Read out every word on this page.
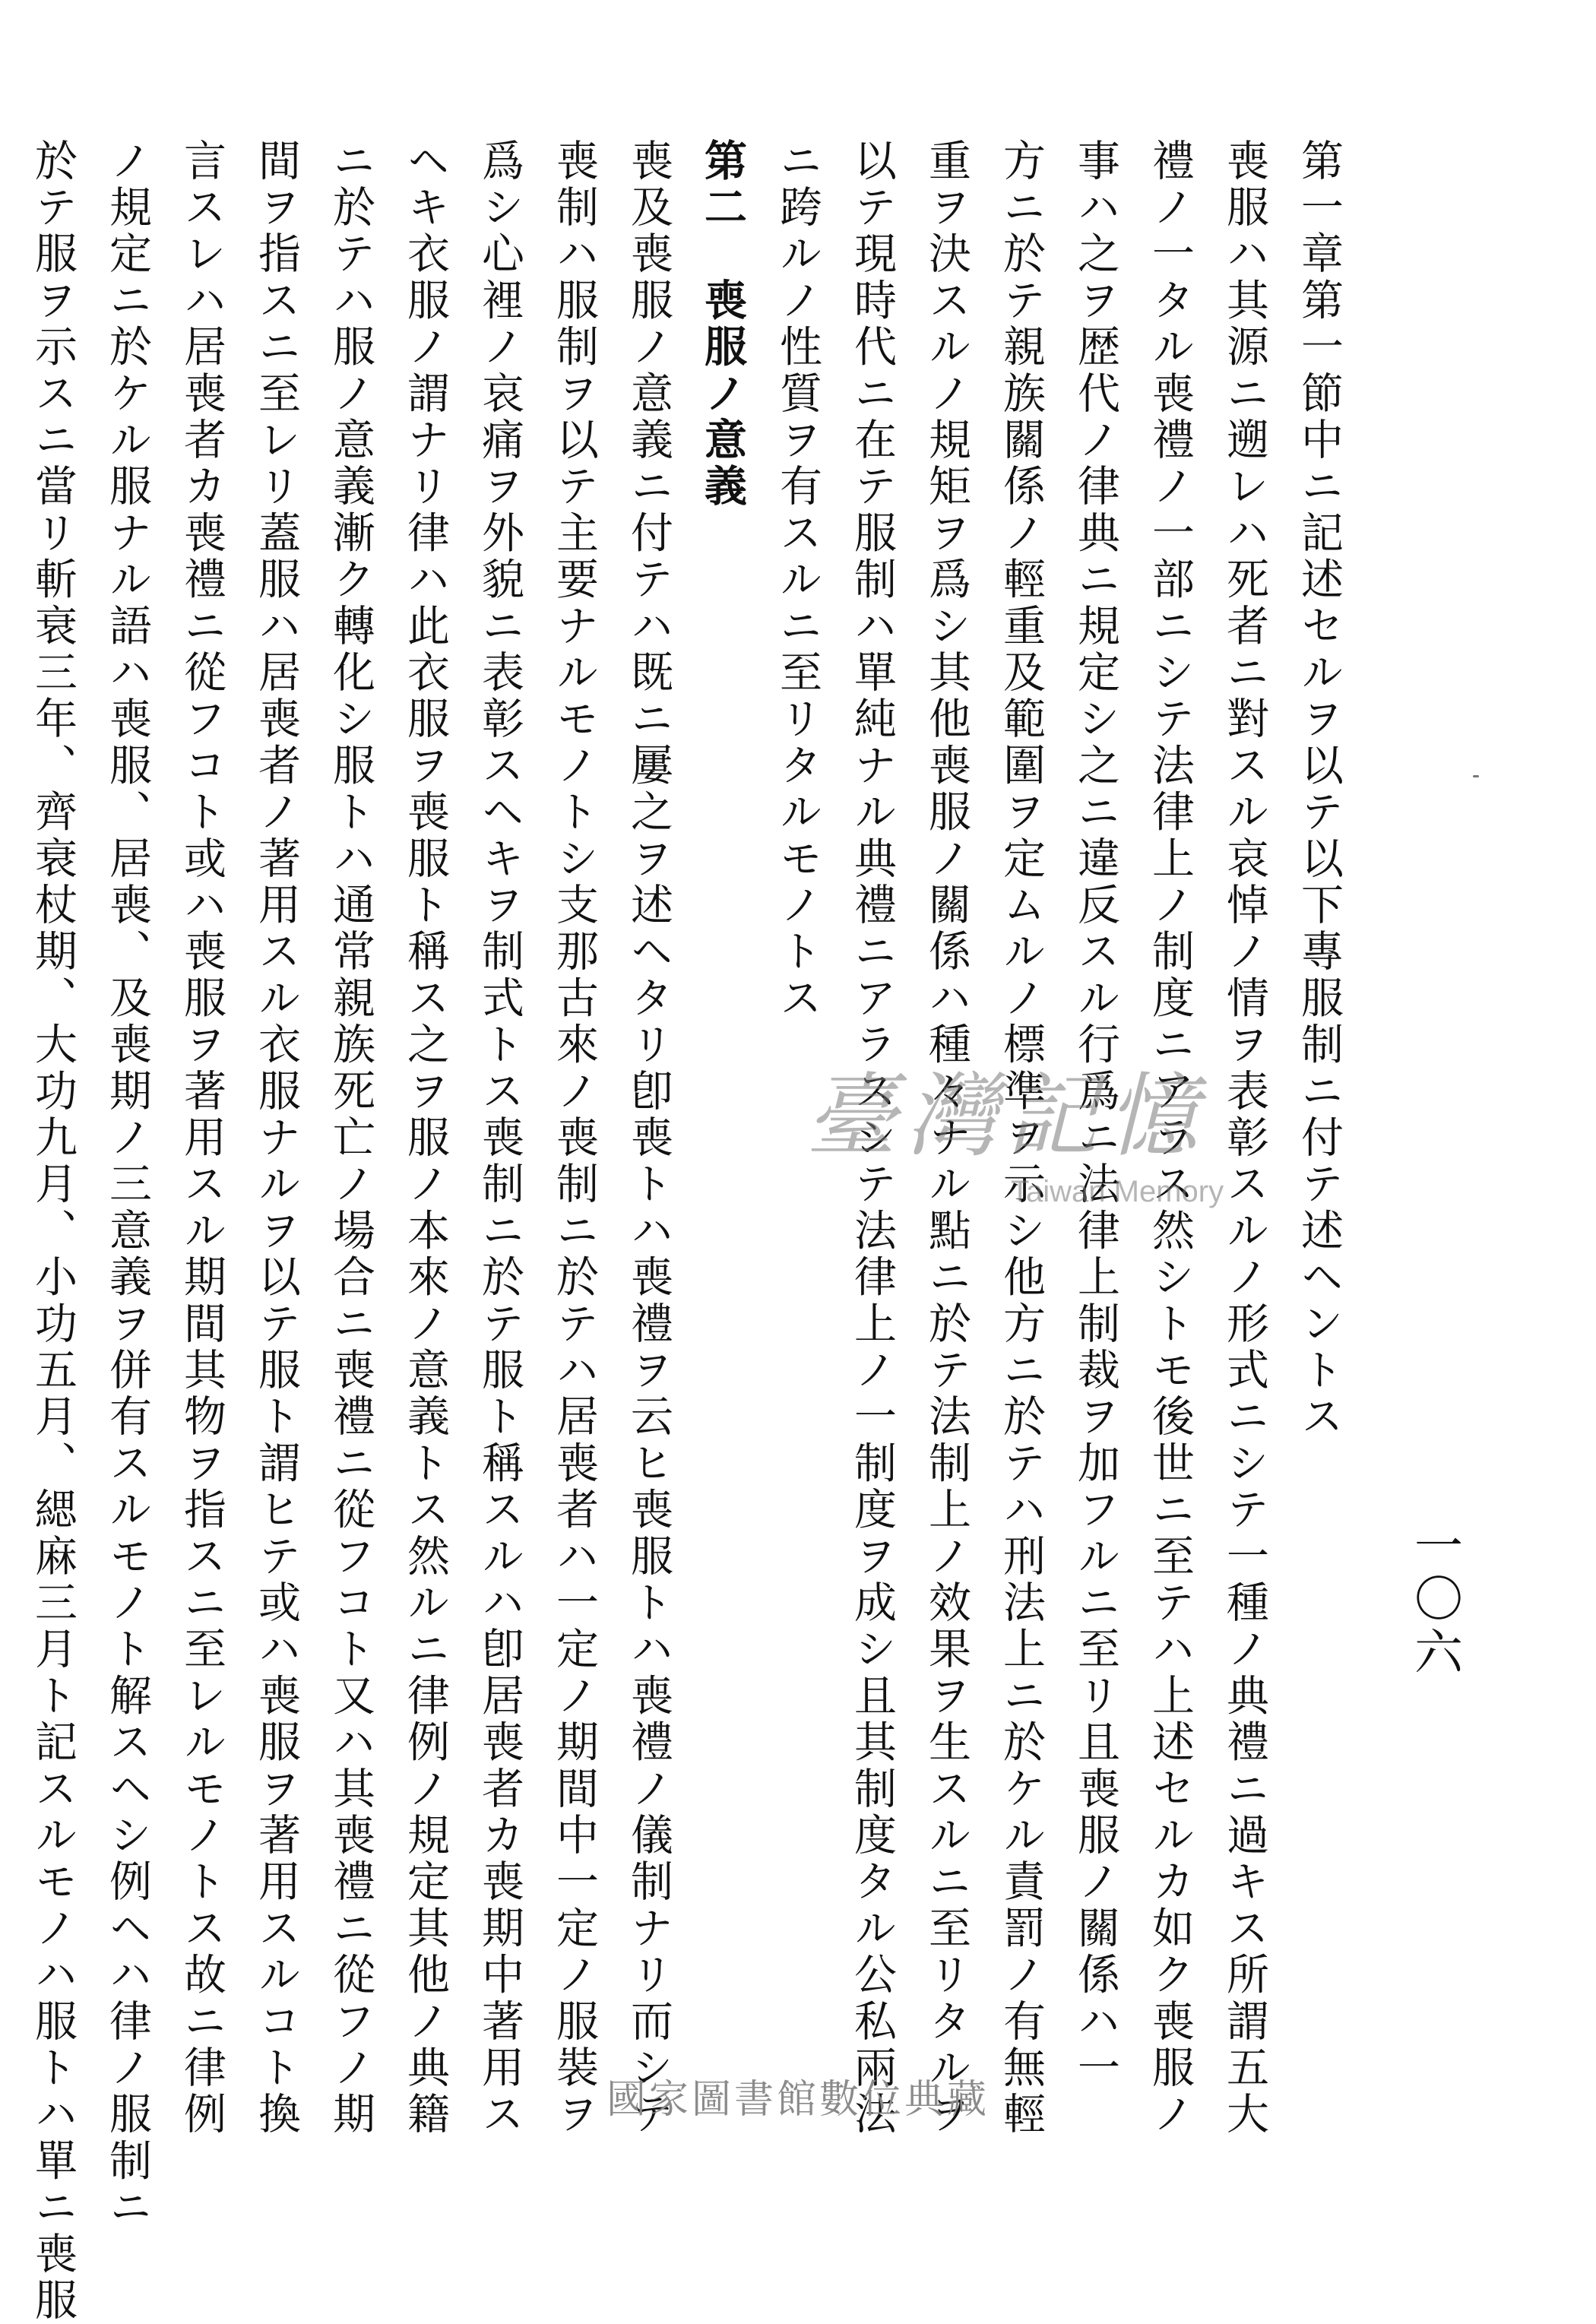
第一章第一節中ニ記述セルヲ以テ以下專服制ニ付テ述ヘントス
喪服ハ其源ニ遡レハ死者ニ對スル哀悼ノ情ヲ表彰スルノ形式ニシテ一種ノ典禮ニ過キス所謂五大
禮ノ一タル喪禮ノ一部ニシテ法律上ノ制度ニアラス然シトモ後世ニ至テハ上述セルカ如ク喪服ノ
事ハ之ヲ歴代ノ律典ニ規定シ之ニ違反スル行爲ニ法律上制裁ヲ加フルニ至リ且喪服ノ關係ハ一
方ニ於テ親族關係ノ輕重及範圍ヲ定ムルノ標準ヲ示シ他方ニ於テハ刑法上ニ於ケル責罰ノ有無輕
重ヲ決スルノ規矩ヲ爲シ其他喪服ノ關係ハ種々ナル點ニ於テ法制上ノ效果ヲ生スルニ至リタルヲ
以テ現時代ニ在テ服制ハ單純ナル典禮ニアラスシテ法律上ノ一制度ヲ成シ且其制度タル公私兩法
ニ跨ルノ性質ヲ有スルニ至リタルモノトス
第二　喪服ノ意義
喪及喪服ノ意義ニ付テハ既ニ屢之ヲ述ヘタリ卽喪トハ喪禮ヲ云ヒ喪服トハ喪禮ノ儀制ナリ而シテ
喪制ハ服制ヲ以テ主要ナルモノトシ支那古來ノ喪制ニ於テハ居喪者ハ一定ノ期間中一定ノ服裝ヲ
爲シ心裡ノ哀痛ヲ外貌ニ表彰スヘキヲ制式トス喪制ニ於テ服ト稱スルハ卽居喪者カ喪期中著用ス
ヘキ衣服ノ謂ナリ律ハ此衣服ヲ喪服ト稱ス之ヲ服ノ本來ノ意義トス然ルニ律例ノ規定其他ノ典籍
ニ於テハ服ノ意義漸ク轉化シ服トハ通常親族死亡ノ場合ニ喪禮ニ從フコト又ハ其喪禮ニ從フノ期
間ヲ指スニ至レリ蓋服ハ居喪者ノ著用スル衣服ナルヲ以テ服ト謂ヒテ或ハ喪服ヲ著用スルコト換
言スレハ居喪者カ喪禮ニ從フコト或ハ喪服ヲ著用スル期間其物ヲ指スニ至レルモノトス故ニ律例
ノ規定ニ於ケル服ナル語ハ喪服、居喪、及喪期ノ三意義ヲ併有スルモノト解スヘシ例ヘハ律ノ服制ニ
於テ服ヲ示スニ當リ斬衰三年、齊衰杖期、大功九月、小功五月、緦麻三月ト記スルモノハ服トハ單ニ喪服	一〇六
臺灣記憶
Taiwan Memory
國家圖書館數位典藏
